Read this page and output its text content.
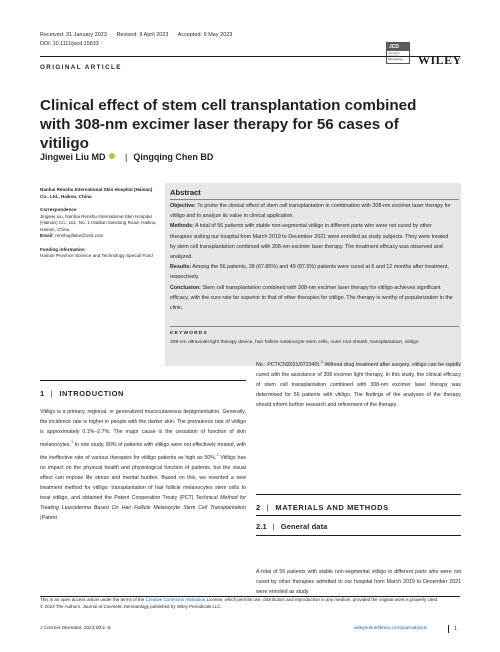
Received: 31 January 2023 Revised: 9 April 2023 Accepted: 9 May 2023
DOI: 10.1111/jocd.15833	JCD
Journal of Cosmetic Dermatology	WILEY
ORIGINAL ARTICLE
Clinical effect of stem cell transplantation combined with 308-nm excimer laser therapy for 56 cases of vitiligo
Jingwei Liu MD | Qingqing Chen BD
Nanhai Renshu International Skin Hospital (Hainan) Co., Ltd., Haikou, China
Correspondence
Jingwei Liu, Nanhai Renshu International Skin Hospital (Hainan) Co., Ltd., No. 1 Haidian Sandong Road, Haikou, Hainan, China.
Email: renshuplluke@163.com
Funding information
Hainan Province Science and Technology Special Fund
Abstract

Objective: To probe the clinical effect of stem cell transplantation in combination with 308-nm excimer laser therapy for vitiligo and to analyze its value in clinical application.

Methods: A total of 56 patients with stable non-segmental vitiligo in different parts who were not cured by other therapies visiting our hospital from March 2019 to December 2021 were enrolled as study subjects. They were treated by stem cell transplantation combined with 308-nm excimer laser therapy. The treatment efficacy was observed and analyzed.

Results: Among the 56 patients, 38 (67.85%) and 49 (87.5%) patients were cured at 6 and 12 months after treatment, respectively.

Conclusion: Stem cell transplantation combined with 308-nm excimer laser therapy for vitiligo achieves significant efficacy, with the cure rate far superior to that of other therapies for vitiligo. The therapy is worthy of popularization in the clinic.

KEYWORDS
308-nm ultraviolet light therapy device, hair follicle melanocyte stem cells, outer root sheath, transplantation, vitiligo
1 | INTRODUCTION
Vitiligo is a primary, regional, or generalized mucocutaneous depigmentation. Generally, the incidence rate is higher in people with the darker skin. The prevalence rate of vitiligo is approximately 0.1%–2.7%. The major cause is the cessation of function of skin melanocytes.$^1$ In one study, 80% of patients with vitiligo were not effectively treated, with the ineffective rate of various therapies for vitiligo patients as high as 50%.$^2$ Vitiligo has no impact on the physical health and physiological function of patients, but the visual effect can impose life stress and mental burden. Based on this, we invented a new treatment method for vitiligo: transplantation of hair follicle melanocytes stem cells to treat vitiligo, and obtained the Patent Cooperation Treaty (PCT) Technical Method for Treating Leucoderma Based On Hair Follicle Melanocyte Stem Cell Transplantation (Patent
No.: PCT/CN2021/072340).$^3$ Without drug treatment after surgery, vitiligo can be rapidly cured with the assistance of 308 excimer light therapy. In this study, the clinical efficacy of stem cell transplantation combined with 308-nm excimer laser therapy was determined for 56 patients with vitiligo. The findings of the analyses of the therapy should inform further research and refinement of the therapy.
2 | MATERIALS AND METHODS
2.1 | General data
A total of 56 patients with stable non-segmental vitiligo in different parts who were not cured by other therapies admitted to our hospital from March 2019 to December 2021 were enrolled as study
This is an open access article under the terms of the Creative Commons Attribution License, which permits use, distribution and reproduction in any medium, provided the original work is properly cited.
© 2023 The Authors. Journal of Cosmetic Dermatology published by Wiley Periodicals LLC.
J Cosmet Dermatol. 2023;00:1–6.	wileyonlinelibrary.com/journal/jocd	1
